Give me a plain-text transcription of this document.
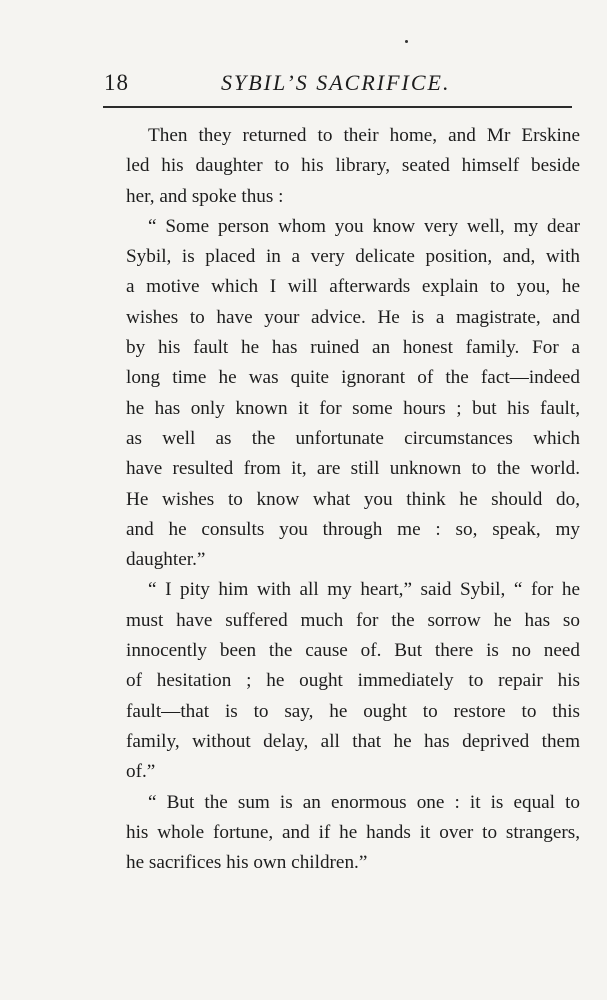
18	SYBIL’S SACRIFICE.
Then they returned to their home, and Mr Erskine
led his daughter to his library, seated himself beside
her, and spoke thus :
“ Some person whom you know very well, my dear
Sybil, is placed in a very delicate position, and, with
a motive which I will afterwards explain to you, he
wishes to have your advice. He is a magistrate, and
by his fault he has ruined an honest family. For a
long time he was quite ignorant of the fact—indeed
he has only known it for some hours ; but his fault,
as well as the unfortunate circumstances which
have resulted from it, are still unknown to the world.
He wishes to know what you think he should do,
and he consults you through me : so, speak, my
daughter.”
“ I pity him with all my heart,” said Sybil, “ for he
must have suffered much for the sorrow he has so
innocently been the cause of. But there is no need
of hesitation ; he ought immediately to repair his
fault—that is to say, he ought to restore to this
family, without delay, all that he has deprived them
of.”
“ But the sum is an enormous one : it is equal to
his whole fortune, and if he hands it over to strangers,
he sacrifices his own children.”
